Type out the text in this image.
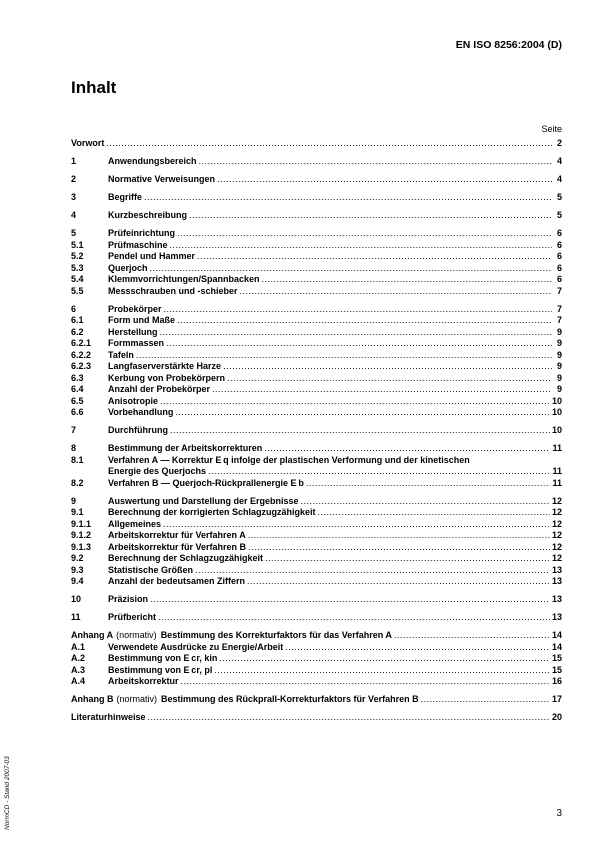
EN ISO 8256:2004 (D)
Inhalt
Seite
Vorwort .....	2
1	Anwendungsbereich .....	4
2	Normative Verweisungen .....	4
3	Begriffe .....	5
4	Kurzbeschreibung .....	5
5	Prüfeinrichtung .....	6
5.1	Prüfmaschine .....	6
5.2	Pendel und Hammer .....	6
5.3	Querjoch .....	6
5.4	Klemmvorrichtungen/Spannbacken .....	6
5.5	Messschrauben und -schieber .....	7
6	Probekörper .....	7
6.1	Form und Maße .....	7
6.2	Herstellung .....	9
6.2.1	Formmassen .....	9
6.2.2	Tafeln .....	9
6.2.3	Langfaserverstärkte Harze .....	9
6.3	Kerbung von Probekörpern .....	9
6.4	Anzahl der Probekörper .....	9
6.5	Anisotropie .....	10
6.6	Vorbehandlung .....	10
7	Durchführung .....	10
8	Bestimmung der Arbeitskorrekturen .....	11
8.1	Verfahren A — Korrektur E q infolge der plastischen Verformung und der kinetischen
Energie des Querjochs .....	11
8.2	Verfahren B — Querjoch-Rückprallenergie E b .....	11
9	Auswertung und Darstellung der Ergebnisse .....	12
9.1	Berechnung der korrigierten Schlagzugzähigkeit .....	12
9.1.1	Allgemeines .....	12
9.1.2	Arbeitskorrektur für Verfahren A .....	12
9.1.3	Arbeitskorrektur für Verfahren B .....	12
9.2	Berechnung der Schlagzugzähigkeit .....	12
9.3	Statistische Größen .....	13
9.4	Anzahl der bedeutsamen Ziffern .....	13
10	Präzision .....	13
11	Prüfbericht .....	13
Anhang A (normativ) Bestimmung des Korrekturfaktors für das Verfahren A .....	14
A.1	Verwendete Ausdrücke zu Energie/Arbeit .....	14
A.2	Bestimmung von E cr, kin .....	15
A.3	Bestimmung von E cr, pl .....	15
A.4	Arbeitskorrektur .....	16
Anhang B (normativ) Bestimmung des Rückprall-Korrekturfaktors für Verfahren B .....	17
Literaturhinweise .....	20
NormCD - Stand 2007-03	3
